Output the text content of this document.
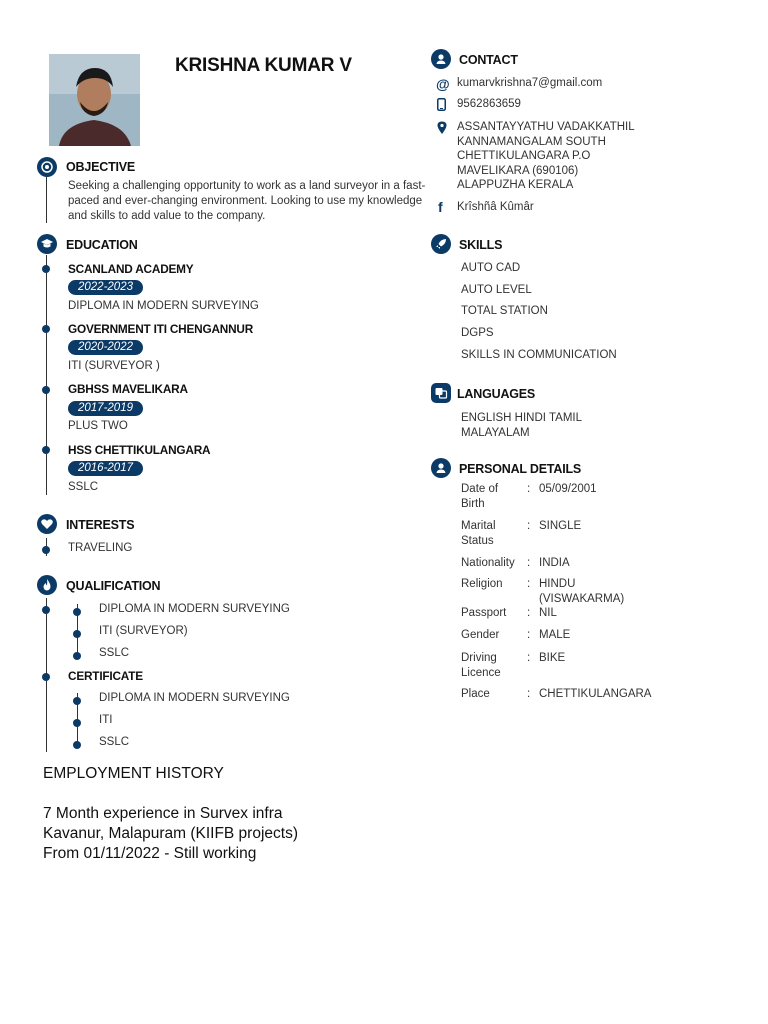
KRISHNA KUMAR V
OBJECTIVE
Seeking a challenging opportunity to work as a land surveyor in a fast-paced and ever-changing environment. Looking to use my knowledge and skills to add value to the company.
EDUCATION
SCANLAND ACADEMY
2022-2023
DIPLOMA IN MODERN SURVEYING
GOVERNMENT ITI CHENGANNUR
2020-2022
ITI (SURVEYOR )
GBHSS MAVELIKARA
2017-2019
PLUS TWO
HSS CHETTIKULANGARA
2016-2017
SSLC
INTERESTS
TRAVELING
QUALIFICATION
DIPLOMA IN MODERN SURVEYING
ITI (SURVEYOR)
SSLC
CERTIFICATE
DIPLOMA IN MODERN SURVEYING
ITI
SSLC
EMPLOYMENT HISTORY
7 Month experience in Survex infra
Kavanur, Malapuram (KIIFB projects)
From 01/11/2022 - Still working
CONTACT
@ kumarvkrishna7@gmail.com
9562863659
ASSANTAYYATHU VADAKKATHIL
KANNAMANGALAM SOUTH
CHETTIKULANGARA P.O
MAVELIKARA (690106)
ALAPPUZHA KERALA
f Krîshñâ Kûmâr
SKILLS
AUTO CAD
AUTO LEVEL
TOTAL STATION
DGPS
SKILLS IN COMMUNICATION
LANGUAGES
ENGLISH HINDI TAMIL MALAYALAM
PERSONAL DETAILS
Date of Birth
: 05/09/2001
Marital Status
: SINGLE
Nationality	: INDIA
Religion	: HINDU (VISWAKARMA)
Passport	: NIL
Gender	: MALE
Driving Licence
: BIKE
Place	: CHETTIKULANGARA
